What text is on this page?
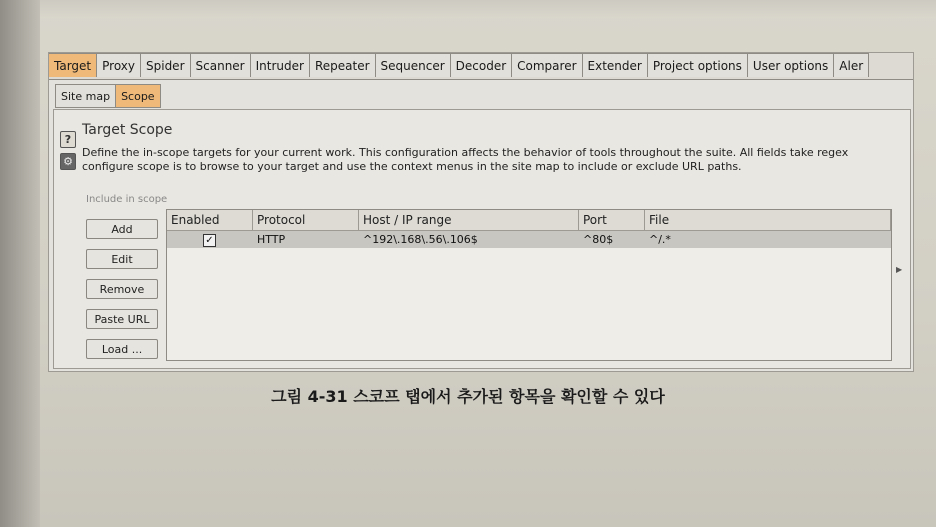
Target Proxy Spider Scanner Intruder Repeater Sequencer Decoder Comparer Extender Project options User options Aler
Site map	Scope
?
⚙
Target Scope
Define the in-scope targets for your current work. This configuration affects the behavior of tools throughout the suite. All fields take regex
configure scope is to browse to your target and use the context menus in the site map to include or exclude URL paths.
Include in scope
Add
Edit
Remove
Paste URL
Load ...
Enabled	Protocol	Host / IP range	Port	File
✓	HTTP	^192\.168\.56\.106$	^80$	^/.*
▶
그림 4-31 스코프 탭에서 추가된 항목을 확인할 수 있다
